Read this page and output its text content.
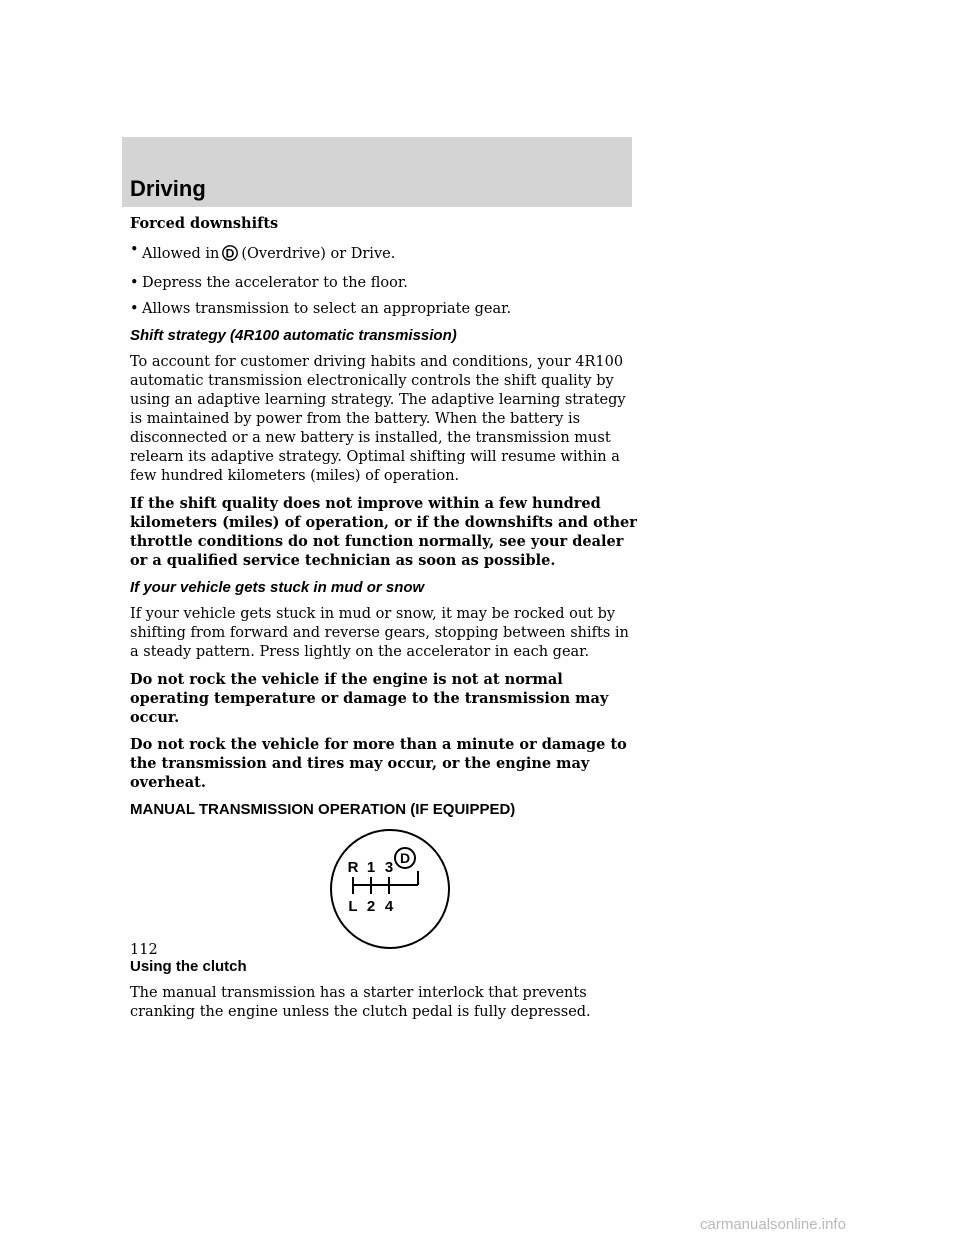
Driving

Forced downshifts

• Allowed in D (Overdrive) or Drive.
• Depress the accelerator to the floor.
• Allows transmission to select an appropriate gear.

Shift strategy (4R100 automatic transmission)

To account for customer driving habits and conditions, your 4R100 automatic transmission electronically controls the shift quality by using an adaptive learning strategy. The adaptive learning strategy is maintained by power from the battery. When the battery is disconnected or a new battery is installed, the transmission must relearn its adaptive strategy. Optimal shifting will resume within a few hundred kilometers (miles) of operation.

If the shift quality does not improve within a few hundred kilometers (miles) of operation, or if the downshifts and other throttle conditions do not function normally, see your dealer or a qualified service technician as soon as possible.

If your vehicle gets stuck in mud or snow

If your vehicle gets stuck in mud or snow, it may be rocked out by shifting from forward and reverse gears, stopping between shifts in a steady pattern. Press lightly on the accelerator in each gear.

Do not rock the vehicle if the engine is not at normal operating temperature or damage to the transmission may occur.

Do not rock the vehicle for more than a minute or damage to the transmission and tires may occur, or the engine may overheat.

MANUAL TRANSMISSION OPERATION (IF EQUIPPED)

R 1 3
D
L 2 4

Using the clutch

The manual transmission has a starter interlock that prevents cranking the engine unless the clutch pedal is fully depressed.

112
carmanualsonline.info
